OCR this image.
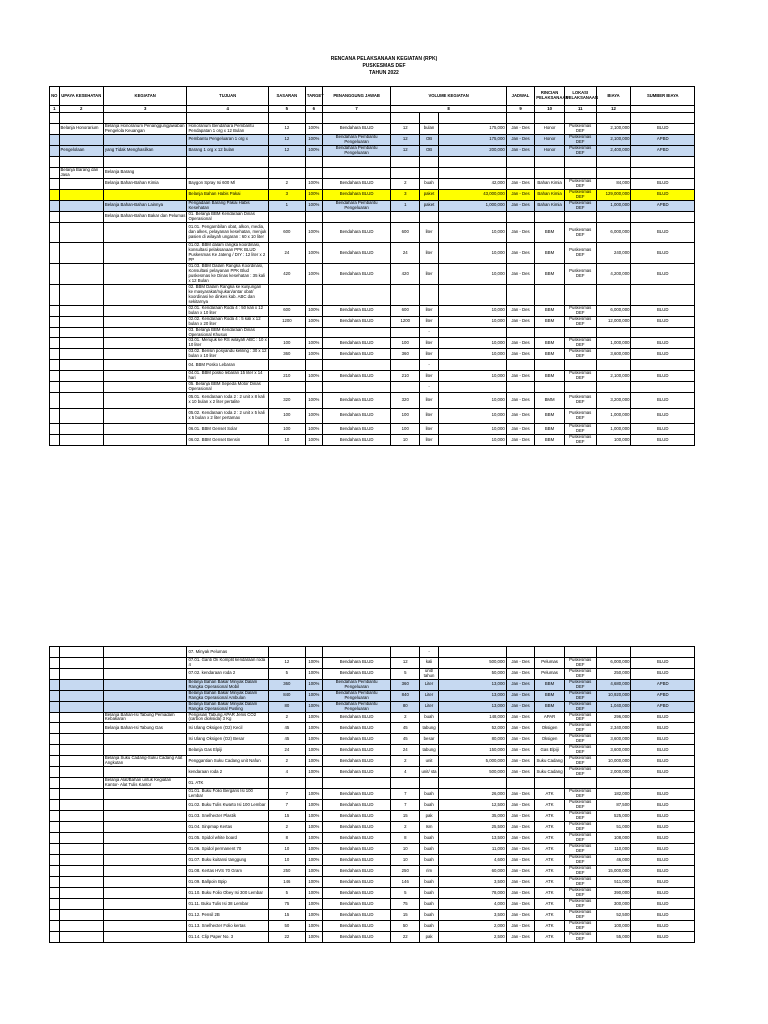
RENCANA PELAKSANAAN KEGIATAN (RPK)
PUSKESMAS DEF
TAHUN 2022
NO	UPAYA KESEHATAN	KEGIATAN	TUJUAN	SASARAN	TARGET	PENANGGUNG JAWAB	VOLUME KEGIATAN			JADWAL	RINCIAN PELAKSANAAN	LOKASI PELAKSANAAN	BIAYA	SUMBER BIAYA
1	2	3	4	5	6	7	8			9	10	11	12	

	Belanja Honorarium	Belanja Honorarium Penanggungjawaban Pengelola Keuangan	Honorarium Bendahara Pembantu Pendapatan 1 org x 12 Bulan	12	100%	Bendahara BLUD	12	bulan	175,000	Jan - Des	Honor	Puskesmas DEF	2,100,000	BLUD
			Pembantu Pengeluaran 1 org x	12	100%	Bendahara Pembantu Pengeluaran	12	OB	175,000	Jan - Des	Honor	Puskesmas DEF	2,100,000	APBD
	Pengelolaan	yang Tidak Menghasilkan	Barang 1 org x 12 bulan	12	100%	Bendahara Pembantu Pengeluaran	12	OB	200,000	Jan - Des	Honor	Puskesmas DEF	2,400,000	APBD

	Belanja Barang dan Jasa	Belanja Barang												
		Belanja Bahan-Bahan Kimia	Baygon Spray Isi 600 Ml	2	100%	Bendahara BLUD	2	buah	42,000	Jan - Des	Bahan Kimia	Puskesmas DEF	84,000	BLUD
			Belanja Bahan Habis Pakai	3	100%	Bendahara BLUD	3	paket	43,000,000	Jan - Des	Bahan Kimia	Puskesmas DEF	129,000,000	BLUD
		Belanja Bahan-Bahan Lainnya	Pengadaan Barang Pakai Habis Kesehatan	1	100%	Bendahara Pembantu Pengeluaran	1	paket	1,000,000	Jan - Des	Bahan Kimia	Puskesmas DEF	1,000,000	APBD
		Belanja Bahan-Bahan Bakar dan Pelumas	01. Belanja BBM Kendaraan Dinas Operasional											
			01.01. Pengambilan obat, alkon, media, dan alkes, pelayanan kesehatan, menjuk pasien di wilayah ungaran : 60 x 10 liter	600	100%	Bendahara BLUD	600	liter	10,000	Jan - Des	BBM	Puskesmas DEF	6,000,000	BLUD
			01.02. BBM dalam rangka koordinasi, konsultasi pelaksanaan PPK BLUD Puskesmas Ke Jateng / DIY : 12 liter x 2 PP	24	100%	Bendahara BLUD	24	liter	10,000	Jan - Des	BBM	Puskesmas DEF	240,000	BLUD
			01.03. BBM Dalam Rangka Koordinasi, Konsultasi pelayanan PPK Blud puskesmas ke Dinas kesehatan : 35 kali x 12 Bulan	420	100%	Bendahara BLUD	420	liter	10,000	Jan - Des	BBM	Puskesmas DEF	4,200,000	BLUD
			02. BBM Dalam Rangka ke kunjungan ke masyarakat/rujukan/antar obat/ koordinasi ke dinkes kab. ABC dan sekitarnya											
			02.01. Kendaraan Roda 4 : 50 kali x 12 bulan x 10 liter	600	100%	Bendahara BLUD	600	liter	10,000	Jan - Des	BBM	Puskesmas DEF	6,000,000	BLUD
			02.02. Kendaraan Roda 4 : 5 kali x 12 bulan x 20 liter	1200	100%	Bendahara BLUD	1200	liter	10,000	Jan - Des	BBM	Puskesmas DEF	12,000,000	BLUD
			03. Belanja BBM Kendaraan Dinas Operasional Khusus					-						
			03.01. Merujuk ke RS wilayah ABC : 10 x 10 liter	100	100%	Bendahara BLUD	100	liter	10,000	Jan - Des	BBM	Puskesmas DEF	1,000,000	BLUD
			03.02. Bensin posyandu keliling : 30 x 12 bulan x 10 liter	360	100%	Bendahara BLUD	360	liter	10,000	Jan - Des	BBM	Puskesmas DEF	3,600,000	BLUD
			04. BBM Posko Lebaran					-						
			04.01. BBM posko lebaran 15 liter x 14 hari	210	100%	Bendahara BLUD	210	liter	10,000	Jan - Des	BBM	Puskesmas DEF	2,100,000	BLUD
			05. Belanja BBM Sepeda Motor Dinas Operasional					-						
			05.01. Kendaraan roda 2 : 2 unit x 8 kali x 10 bulan x 2 liter pertalite	320	100%	Bendahara BLUD	320	liter	10,000	Jan - Des	BMM	Puskesmas DEF	3,200,000	BLUD
			05.02. Kendaraan roda 2 : 2 unit x 5 kali x 5 bulan x 2 liter pertamax	100	100%	Bendahara BLUD	100	liter	10,000	Jan - Des	BBM	Puskesmas DEF	1,000,000	BLUD
			06.01. BBM Genset Solar	100	100%	Bendahara BLUD	100	liter	10,000	Jan - Des	BBM	Puskesmas DEF	1,000,000	BLUD
			06.02. BBM Genset Bensin	10	100%	Bendahara BLUD	10	liter	10,000	Jan - Des	BBM	Puskesmas DEF	100,000	BLUD
			07. Minyak Pelumas					-						
			07.01. Ganti Oli Komplit kendaraan roda 4	12	100%	Bendahara BLUD	12	kali	500,000	Jan - Des	Pelumas	Puskesmas DEF	6,000,000	BLUD
			07.02. kendaraan roda 2	5	100%	Bendahara BLUD	5	unit/ tahun	50,000	Jan - Des	Pelumas	Puskesmas DEF	250,000	BLUD
			Belanja Bahan Bakar Minyak Dalam Rangka Operasional Mobil	360	100%	Bendahara Pembantu Pengeluaran	360	Liter	13,000	Jan - Des	BBM	Puskesmas DEF	4,680,000	APBD
			Belanja Bahan Bakar Minyak Dalam Rangka Operasional Ambulan	840	100%	Bendahara Pembantu Pengeluaran	840	Liter	13,000	Jan - Des	BBM	Puskesmas DEF	10,920,000	APBD
			Belanja Bahan Bakar Minyak Dalam Rangka Operasional Pusling	80	100%	Bendahara Pembantu Pengeluaran	80	Liter	13,000	Jan - Des	BBM	Puskesmas DEF	1,040,000	APBD
		Belanja Bahan-Isi Tabung Pemadam Kebakaran	Pengisian Tabung APAR Jenis CO2 (carbon dioksida) 3 Kg	2	100%	Bendahara BLUD	2	buah	148,000	Jan - Des	APAR	Puskesmas DEF	296,000	BLUD
		Belanja Bahan-Isi Tabung Gas	Isi Ulang Oksigen (O2) Kecil	45	100%	Bendahara BLUD	45	tabung	52,000	Jan - Des	Oksigen	Puskesmas DEF	2,340,000	BLUD
			Isi Ulang Oksigen (O2) Besar	45	100%	Bendahara BLUD	45	besar	80,000	Jan - Des	Oksigen	Puskesmas DEF	3,600,000	BLUD
			Belanja Gas Elpiji	24	100%	Bendahara BLUD	24	tabung	150,000	Jan - Des	Gas Elpiji	Puskesmas DEF	3,600,000	BLUD
		Belanja Suku Cadang-Suku Cadang Alat Angkutan	Penggantian Suku Cadang unit Nafun	2	100%	Bendahara BLUD	2	unit	5,000,000	Jan - Des	Suku Cadang	Puskesmas DEF	10,000,000	BLUD
			kendaraan roda 2	4	100%	Bendahara BLUD	4	unit/ sta	500,000	Jan - Des	Suku Cadang	Puskesmas DEF	2,000,000	BLUD
		Belanja Alat/Bahan untuk Kegiatan Kantor- Alat Tulis Kantor	01. ATK											
			01.01. Buku Folio Bergaris Isi 100 Lembar	7	100%	Bendahara BLUD	7	buah	26,000	Jan - Des	ATK	Puskesmas DEF	182,000	BLUD
			01.02. Buku Tulis Kwarto Isi 100 Lembar	7	100%	Bendahara BLUD	7	buah	12,500	Jan - Des	ATK	Puskesmas DEF	87,500	BLUD
			01.03. Snelhecter Plastik	15	100%	Bendahara BLUD	15	pak	35,000	Jan - Des	ATK	Puskesmas DEF	525,000	BLUD
			01.04. Sinpmap Kertas	2	100%	Bendahara BLUD	2	Ism	25,500	Jan - Des	ATK	Puskesmas DEF	51,000	BLUD
			01.05. Spidol white board	8	100%	Bendahara BLUD	8	buah	13,500	Jan - Des	ATK	Puskesmas DEF	108,000	BLUD
			01.06. Spidol permanent 70	10	100%	Bendahara BLUD	10	buah	11,000	Jan - Des	ATK	Puskesmas DEF	110,000	BLUD
			01.07. Buku kuitansi tanggung	10	100%	Bendahara BLUD	10	buah	4,600	Jan - Des	ATK	Puskesmas DEF	46,000	BLUD
			01.08. Kertas HVS 70 Gram	250	100%	Bendahara BLUD	250	rim	60,000	Jan - Des	ATK	Puskesmas DEF	15,000,000	BLUD
			01.09. Ballpoin Bpip	146	100%	Bendahara BLUD	146	buah	3,500	Jan - Des	ATK	Puskesmas DEF	511,000	BLUD
			01.10. Buku Folio Obey Isi 300 Lembar	5	100%	Bendahara BLUD	5	buah	78,000	Jan - Des	ATK	Puskesmas DEF	390,000	BLUD
			01.11. Buku Tulis Isi 38 Lembar	75	100%	Bendahara BLUD	75	buah	4,000	Jan - Des	ATK	Puskesmas DEF	300,000	BLUD
			01.12. Pensil 2B	15	100%	Bendahara BLUD	15	buah	3,500	Jan - Des	ATK	Puskesmas DEF	52,500	BLUD
			01.13. Snelhecter Folio kertas	50	100%	Bendahara BLUD	50	buah	2,000	Jan - Des	ATK	Puskesmas DEF	100,000	BLUD
			01.14. Clip Paper No. 3	22	100%	Bendahara BLUD	22	pak	2,500	Jan - Des	ATK	Puskesmas DEF	55,000	BLUD
